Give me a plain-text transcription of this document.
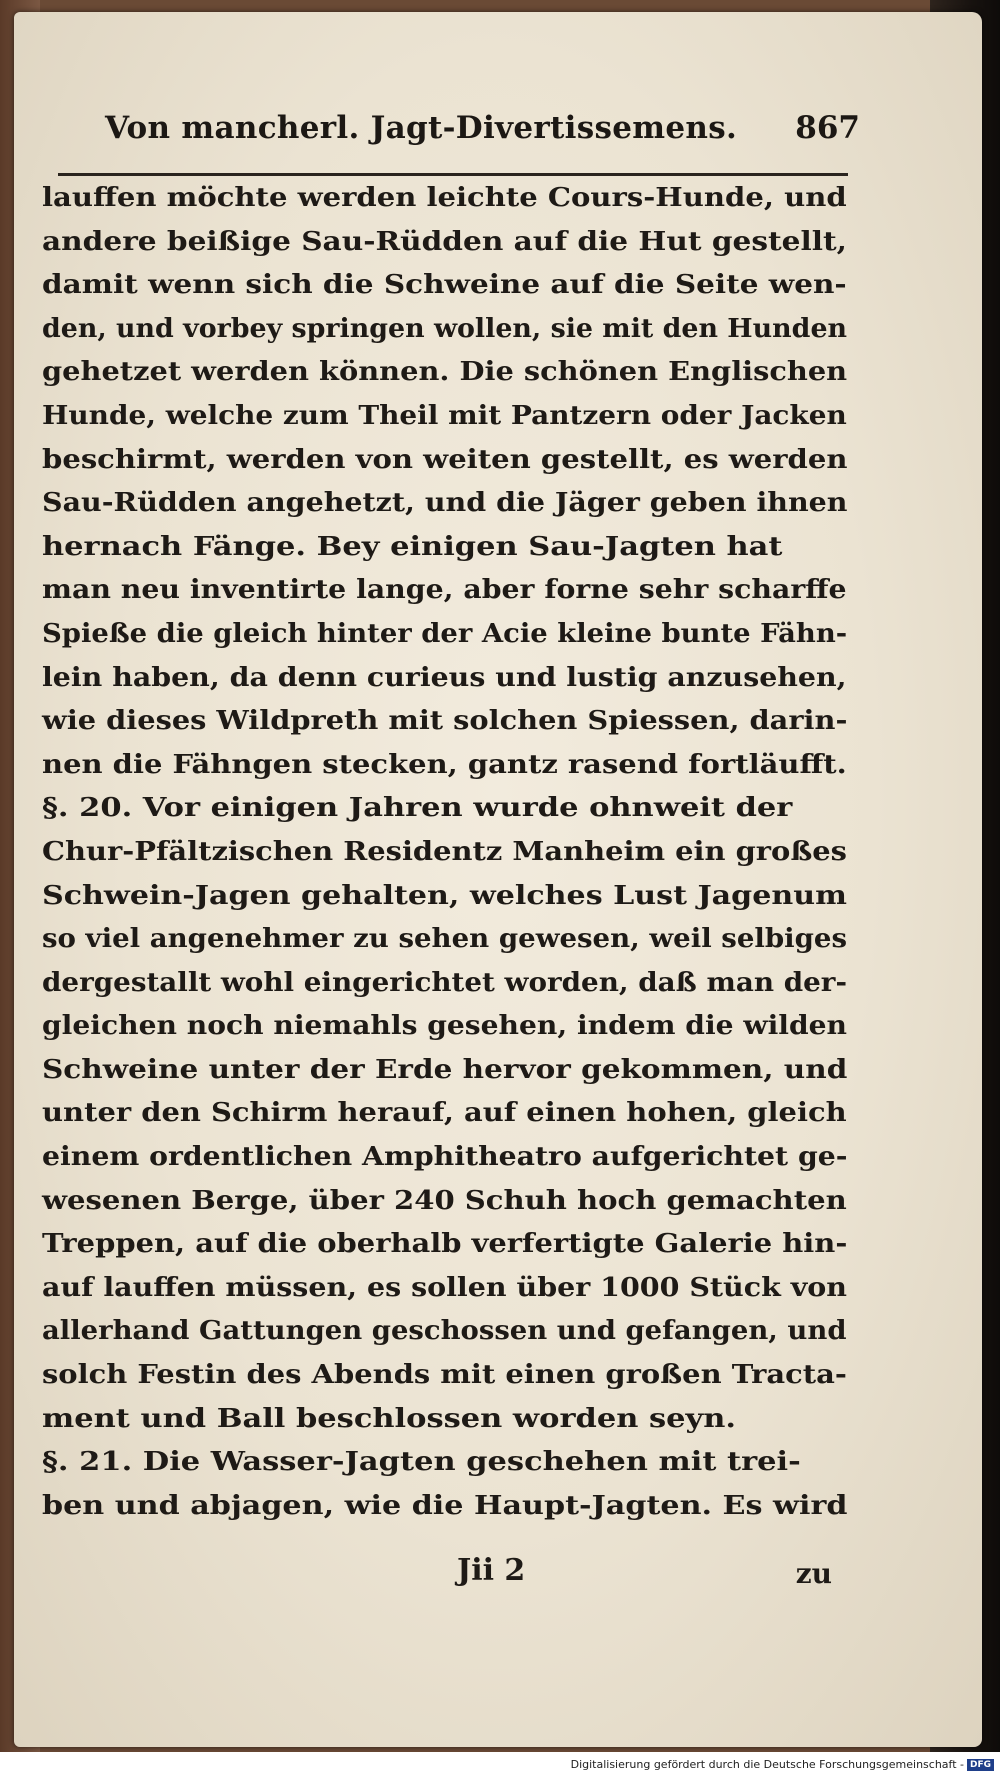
Von mancherl. Jagt-Divertissemens. 867
lauffen möchte werden leichte Cours-Hunde, und
andere beißige Sau-Rüdden auf die Hut gestellt,
damit wenn sich die Schweine auf die Seite wen-
den, und vorbey springen wollen, sie mit den Hunden
gehetzet werden können. Die schönen Englischen
Hunde, welche zum Theil mit Pantzern oder Jacken
beschirmt, werden von weiten gestellt, es werden
Sau-Rüdden angehetzt, und die Jäger geben ihnen
hernach Fänge. Bey einigen Sau-Jagten hat
man neu inventirte lange, aber forne sehr scharffe
Spieße die gleich hinter der Acie kleine bunte Fähn-
lein haben, da denn curieus und lustig anzusehen,
wie dieses Wildpreth mit solchen Spiessen, darin-
nen die Fähngen stecken, gantz rasend fortläufft.
§. 20. Vor einigen Jahren wurde ohnweit der
Chur-Pfältzischen Residentz Manheim ein großes
Schwein-Jagen gehalten, welches Lust Jagenum
so viel angenehmer zu sehen gewesen, weil selbiges
dergestallt wohl eingerichtet worden, daß man der-
gleichen noch niemahls gesehen, indem die wilden
Schweine unter der Erde hervor gekommen, und
unter den Schirm herauf, auf einen hohen, gleich
einem ordentlichen Amphitheatro aufgerichtet ge-
wesenen Berge, über 240 Schuh hoch gemachten
Treppen, auf die oberhalb verfertigte Galerie hin-
auf lauffen müssen, es sollen über 1000 Stück von
allerhand Gattungen geschossen und gefangen, und
solch Festin des Abends mit einen großen Tracta-
ment und Ball beschlossen worden seyn.
§. 21. Die Wasser-Jagten geschehen mit trei-
ben und abjagen, wie die Haupt-Jagten. Es wird
Jii 2	zu
Digitalisierung gefördert durch die Deutsche Forschungsgemeinschaft - DFG
